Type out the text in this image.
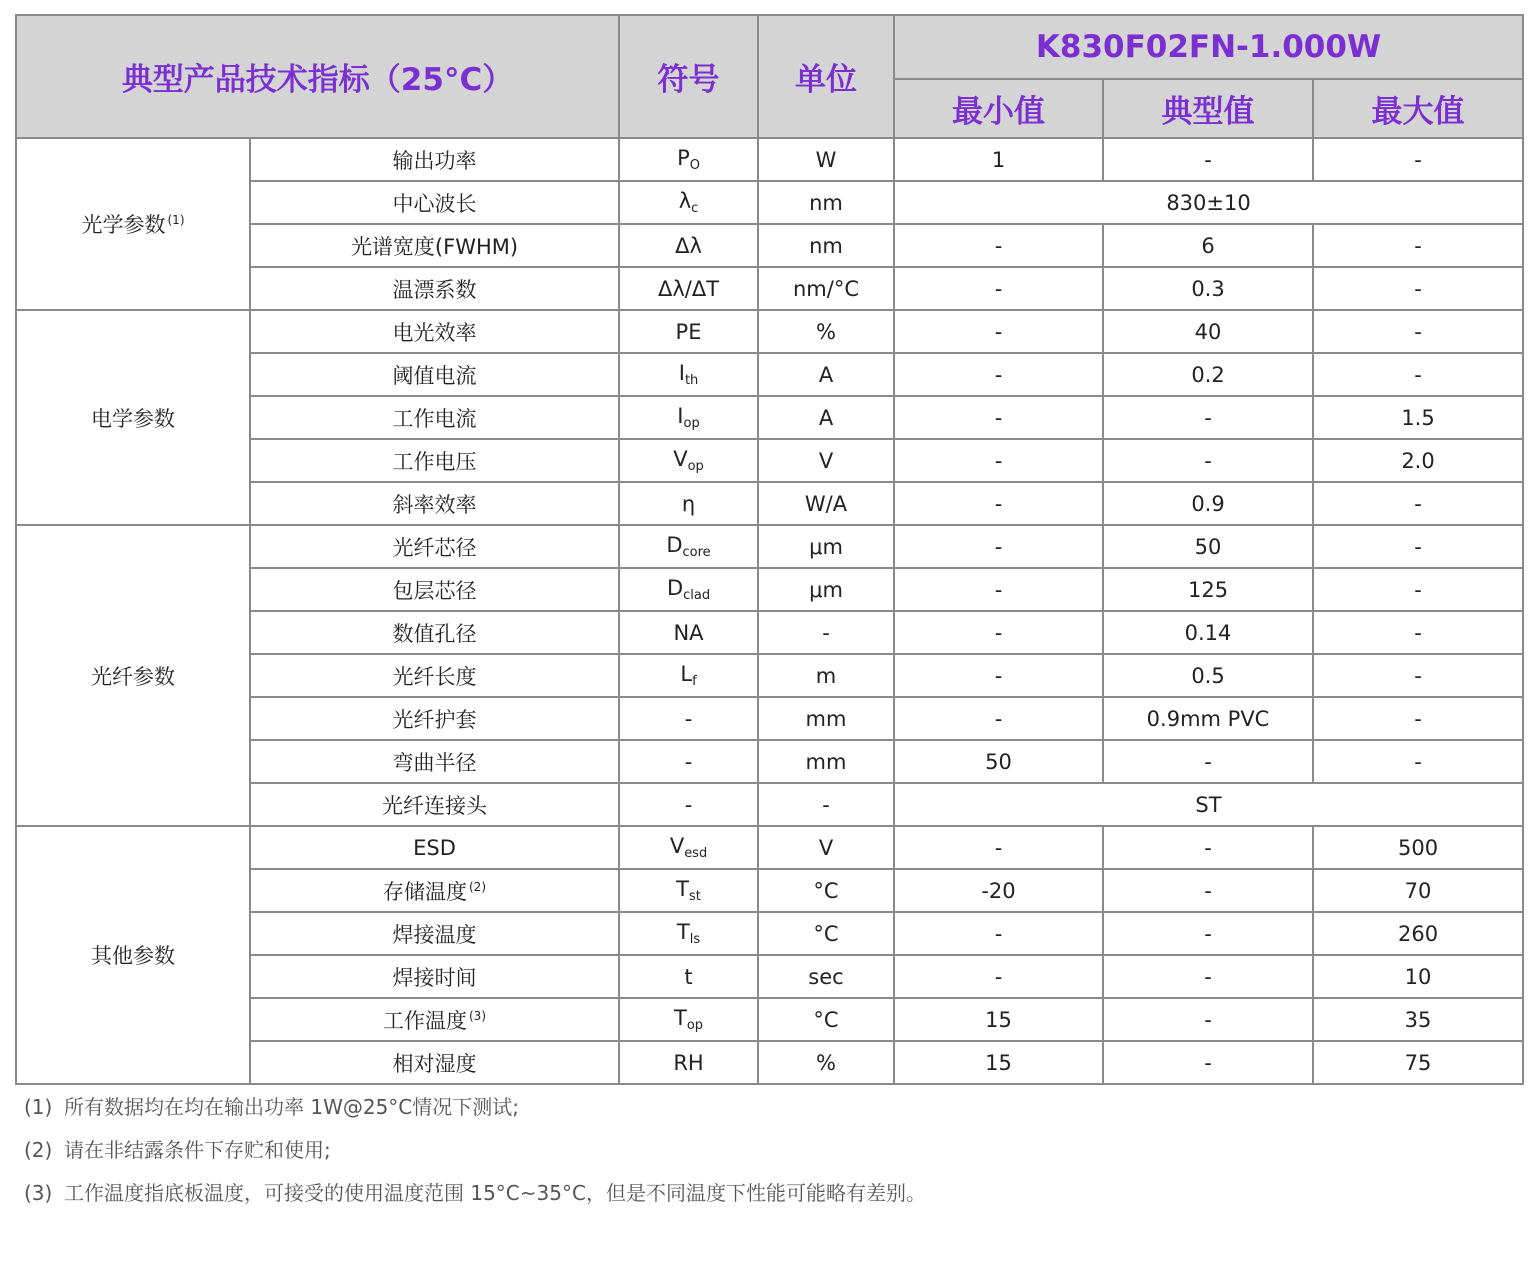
典型产品技术指标（25°C）		符号	单位	K830F02FN-1.000W		
				最小值	典型值	最大值
光学参数 $^{(1)}$	输出功率	$P_O$	W	1	-	-
	中心波长	$\lambda_c$	nm	830±10		
	光谱宽度(FWHM)	Δλ	nm	-	6	-
	温漂系数	Δλ/ΔT	nm/°C	-	0.3	-
电学参数	电光效率	PE	%	-	40	-
	阈值电流	$I_{th}$	A	-	0.2	-
	工作电流	$I_{op}$	A	-	-	1.5
	工作电压	$V_{op}$	V	-	-	2.0
	斜率效率	η	W/A	-	0.9	-
光纤参数	光纤芯径	$D_{core}$	μm	-	50	-
	包层芯径	$D_{clad}$	μm	-	125	-
	数值孔径	NA	-	-	0.14	-
	光纤长度	$L_f$	m	-	0.5	-
	光纤护套	-	mm	-	0.9mm PVC	-
	弯曲半径	-	mm	50	-	-
	光纤连接头	-	-	ST		
其他参数	ESD	$V_{esd}$	V	-	-	500
	存储温度 $^{(2)}$	$T_{st}$	°C	-20	-	70
	焊接温度	$T_{ls}$	°C	-	-	260
	焊接时间	t	sec	-	-	10
	工作温度 $^{(3)}$	$T_{op}$	°C	15	-	35
	相对湿度	RH	%	15	-	75
(1) 所有数据均在均在输出功率 1W@25°C情况下测试;
(2) 请在非结露条件下存贮和使用;
(3) 工作温度指底板温度，可接受的使用温度范围 15°C~35°C，但是不同温度下性能可能略有差别。
